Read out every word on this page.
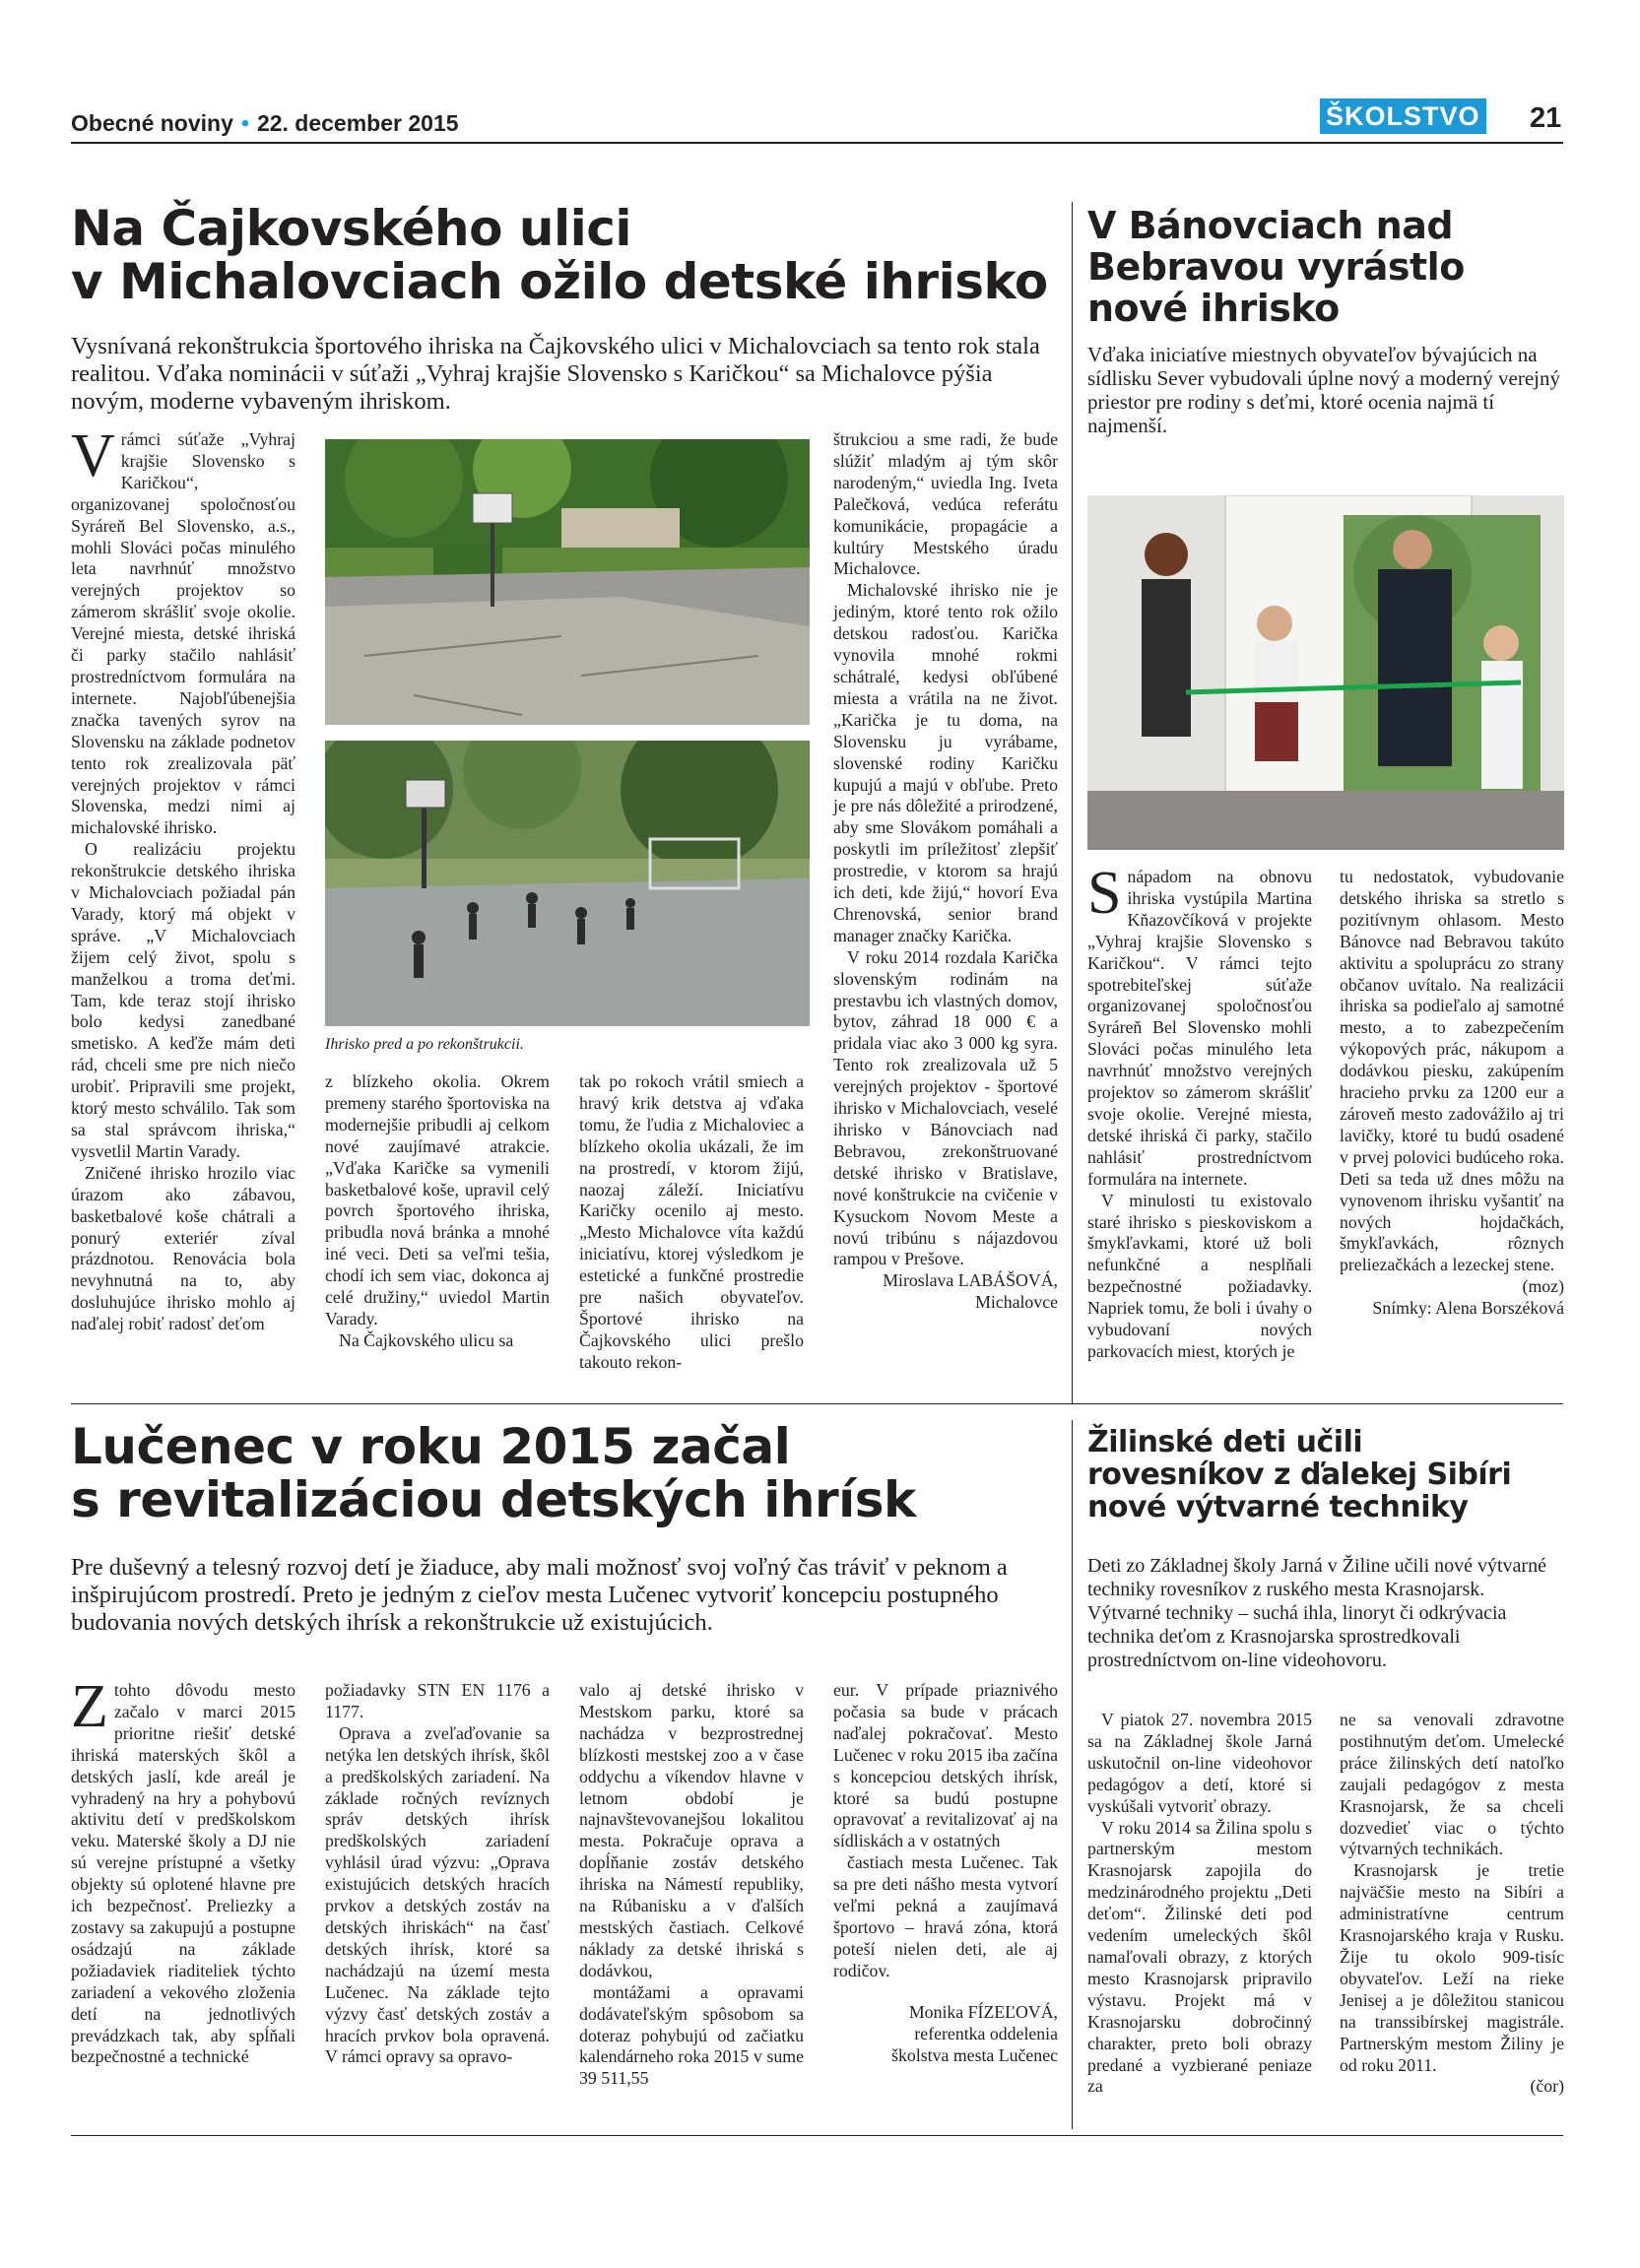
Obecné noviny • 22. december 2015	ŠKOLSTVO 21
Na Čajkovského ulici
v Michalovciach ožilo detské ihrisko
Vysnívaná rekonštrukcia športového ihriska na Čajkovského ulici v Michalovciach sa tento rok stala realitou. Vďaka nominácii v súťaži „Vyhraj krajšie Slovensko s Karičkou“ sa Michalovce pýšia novým, moderne vybaveným ihriskom.

Vrámci súťaže „Vyhraj krajšie Slovensko s Karičkou“, organizovanej spoločnosťou Syráreň Bel Slovensko, a.s., mohli Slováci počas minulého leta navrhnúť množstvo verejných projektov so zámerom skrášliť svoje okolie. Verejné miesta, detské ihriská či parky stačilo nahlásiť prostredníctvom formulára na internete. Najobľúbenejšia značka tavených syrov na Slovensku na základe podnetov tento rok zrealizovala päť verejných projektov v rámci Slovenska, medzi nimi aj michalovské ihrisko.

O realizáciu projektu rekonštrukcie detského ihriska v Michalovciach požiadal pán Varady, ktorý má objekt v správe. „V Michalovciach žijem celý život, spolu s manželkou a troma deťmi. Tam, kde teraz stojí ihrisko bolo kedysi zanedbané smetisko. A keďže mám deti rád, chceli sme pre nich niečo urobiť. Pripravili sme projekt, ktorý mesto schválilo. Tak som sa stal správcom ihriska,“ vysvetlil Martin Varady.

Zničené ihrisko hrozilo viac úrazom ako zábavou, basketbalové koše chátrali a ponurý exteriér zíval prázdnotou. Renovácia bola nevyhnutná na to, aby dosluhujúce ihrisko mohlo aj naďalej robiť radosť deťom

Ihrisko pred a po rekonštrukcii.

z blízkeho okolia. Okrem premeny starého športoviska na modernejšie pribudli aj celkom nové zaujímavé atrakcie. „Vďaka Karičke sa vymenili basketbalové koše, upravil celý povrch športového ihriska, pribudla nová bránka a mnohé iné veci. Deti sa veľmi tešia, chodí ich sem viac, dokonca aj celé družiny,“ uviedol Martin Varady.

Na Čajkovského ulicu sa

tak po rokoch vrátil smiech a hravý krik detstva aj vďaka tomu, že ľudia z Michaloviec a blízkeho okolia ukázali, že im na prostredí, v ktorom žijú, naozaj záleží. Iniciatívu Karičky ocenilo aj mesto. „Mesto Michalovce víta každú iniciatívu, ktorej výsledkom je estetické a funkčné prostredie pre našich obyvateľov. Športové ihrisko na Čajkovského ulici prešlo takouto rekon-

štrukciou a sme radi, že bude slúžiť mladým aj tým skôr narodeným,“ uviedla Ing. Iveta Palečková, vedúca referátu komunikácie, propagácie a kultúry Mestského úradu Michalovce.

Michalovské ihrisko nie je jediným, ktoré tento rok ožilo detskou radosťou. Karička vynovila mnohé rokmi schátralé, kedysi obľúbené miesta a vrátila na ne život. „Karička je tu doma, na Slovensku ju vyrábame, slovenské rodiny Karičku kupujú a majú v obľube. Preto je pre nás dôležité a prirodzené, aby sme Slovákom pomáhali a poskytli im príležitosť zlepšiť prostredie, v ktorom sa hrajú ich deti, kde žijú,“ hovorí Eva Chrenovská, senior brand manager značky Karička.

V roku 2014 rozdala Karička slovenským rodinám na prestavbu ich vlastných domov, bytov, záhrad 18 000 € a pridala viac ako 3 000 kg syra. Tento rok zrealizovala už 5 verejných projektov - športové ihrisko v Michalovciach, veselé ihrisko v Bánovciach nad Bebravou, zrekonštruované detské ihrisko v Bratislave, nové konštrukcie na cvičenie v Kysuckom Novom Meste a novú tribúnu s nájazdovou rampou v Prešove.

Miroslava LABÁŠOVÁ,

Michalovce

V Bánovciach nad
Bebravou vyrástlo
nové ihrisko
Vďaka iniciatíve miestnych obyvateľov bývajúcich na sídlisku Sever vybudovali úplne nový a moderný verejný priestor pre rodiny s deťmi, ktoré ocenia najmä tí najmenší.

Snápadom na obnovu ihriska vystúpila Martina Kňazovčíková v projekte „Vyhraj krajšie Slovensko s Karičkou“. V rámci tejto spotrebiteľskej súťaže organizovanej spoločnosťou Syráreň Bel Slovensko mohli Slováci počas minulého leta navrhnúť množstvo verejných projektov so zámerom skrášliť svoje okolie. Verejné miesta, detské ihriská či parky, stačilo nahlásiť prostredníctvom formulára na internete.

V minulosti tu existovalo staré ihrisko s pieskoviskom a šmykľavkami, ktoré už boli nefunkčné a nesplňali bezpečnostné požiadavky. Napriek tomu, že boli i úvahy o vybudovaní nových parkovacích miest, ktorých je

tu nedostatok, vybudovanie detského ihriska sa stretlo s pozitívnym ohlasom. Mesto Bánovce nad Bebravou takúto aktivitu a spoluprácu zo strany občanov uvítalo. Na realizácii ihriska sa podieľalo aj samotné mesto, a to zabezpečením výkopových prác, nákupom a dodávkou piesku, zakúpením hracieho prvku za 1200 eur a zároveň mesto zadovážilo aj tri lavičky, ktoré tu budú osadené v prvej polovici budúceho roka. Deti sa teda už dnes môžu na vynovenom ihrisku vyšantiť na nových hojdačkách, šmykľavkách, rôznych preliezačkách a lezeckej stene.

(moz)

Snímky: Alena Borszéková

Lučenec v roku 2015 začal
s revitalizáciou detských ihrísk
Pre duševný a telesný rozvoj detí je žiaduce, aby mali možnosť svoj voľný čas tráviť v peknom a inšpirujúcom prostredí. Preto je jedným z cieľov mesta Lučenec vytvoriť koncepciu postupného budovania nových detských ihrísk a rekonštrukcie už existujúcich.

Ztohto dôvodu mesto začalo v marci 2015 prioritne riešiť detské ihriská materských škôl a detských jaslí, kde areál je vyhradený na hry a pohybovú aktivitu detí v predškolskom veku. Materské školy a DJ nie sú verejne prístupné a všetky objekty sú oplotené hlavne pre ich bezpečnosť. Preliezky a zostavy sa zakupujú a postupne osádzajú na základe požiadaviek riaditeliek týchto zariadení a vekového zloženia detí na jednotlivých prevádzkach tak, aby spĺňali bezpečnostné a technické

požiadavky STN EN 1176 a 1177.

Oprava a zveľaďovanie sa netýka len detských ihrísk, škôl a predškolských zariadení. Na základe ročných revíznych správ detských ihrísk predškolských zariadení vyhlásil úrad výzvu: „Oprava existujúcich detských hracích prvkov a detských zostáv na detských ihriskách“ na časť detských ihrísk, ktoré sa nachádzajú na území mesta Lučenec. Na základe tejto výzvy časť detských zostáv a hracích prvkov bola opravená. V rámci opravy sa opravo-

valo aj detské ihrisko v Mestskom parku, ktoré sa nachádza v bezprostrednej blízkosti mestskej zoo a v čase oddychu a víkendov hlavne v letnom období je najnavštevovanejšou lokalitou mesta. Pokračuje oprava a dopĺňanie zostáv detského ihriska na Námestí republiky, na Rúbanisku a v ďalších mestských častiach. Celkové náklady za detské ihriská s dodávkou,

montážami a opravami dodávateľským spôsobom sa doteraz pohybujú od začiatku kalendárneho roka 2015 v sume 39 511,55

eur. V prípade priaznivého počasia sa bude v prácach naďalej pokračovať. Mesto Lučenec v roku 2015 iba začína s koncepciou detských ihrísk, ktoré sa budú postupne opravovať a revitalizovať aj na sídliskách a v ostatných

častiach mesta Lučenec. Tak sa pre deti nášho mesta vytvorí veľmi pekná a zaujímavá športovo – hravá zóna, ktorá poteší nielen deti, ale aj rodičov.

Monika FÍZEĽOVÁ,

referentka oddelenia

školstva mesta Lučenec

Žilinské deti učili
rovesníkov z ďalekej Sibíri
nové výtvarné techniky
Deti zo Základnej školy Jarná v Žiline učili nové výtvarné techniky rovesníkov z ruského mesta Krasnojarsk. Výtvarné techniky – suchá ihla, linoryt či odkrývacia technika deťom z Krasnojarska sprostredkovali prostredníctvom on-line videohovoru.

V piatok 27. novembra 2015 sa na Základnej škole Jarná uskutočnil on-line videohovor pedagógov a detí, ktoré si vyskúšali vytvoriť obrazy.

V roku 2014 sa Žilina spolu s partnerským mestom Krasnojarsk zapojila do medzinárodného projektu „Deti deťom“. Žilinské deti pod vedením umeleckých škôl namaľovali obrazy, z ktorých mesto Krasnojarsk pripravilo výstavu. Projekt má v Krasnojarsku dobročinný charakter, preto boli obrazy predané a vyzbierané peniaze za

ne sa venovali zdravotne postihnutým deťom. Umelecké práce žilinských detí natoľko zaujali pedagógov z mesta Krasnojarsk, že sa chceli dozvedieť viac o týchto výtvarných technikách.

Krasnojarsk je tretie najväčšie mesto na Sibíri a administratívne centrum Krasnojarského kraja v Rusku. Žije tu okolo 909-tisíc obyvateľov. Leží na rieke Jenisej a je dôležitou stanicou na transsibírskej magistrále. Partnerským mestom Žiliny je od roku 2011.

(čor)
